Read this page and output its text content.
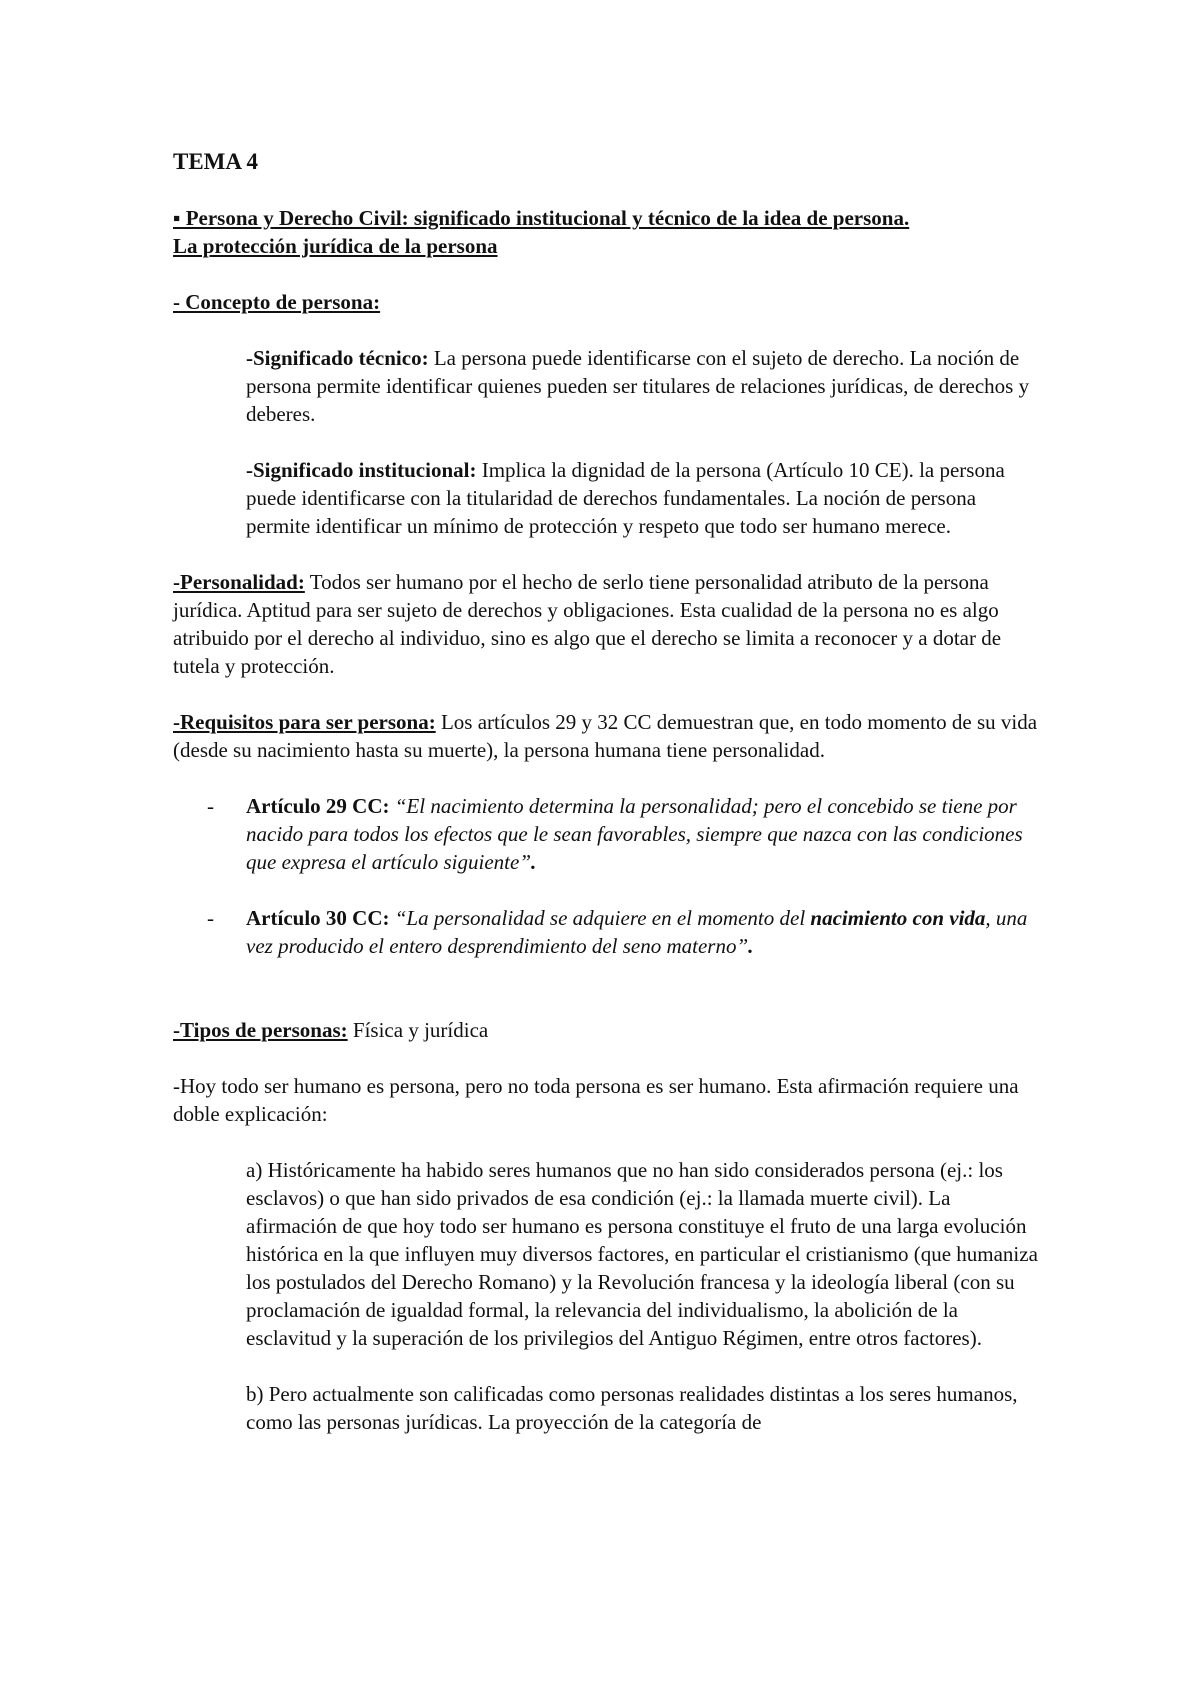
TEMA 4

▪ Persona y Derecho Civil: significado institucional y técnico de la idea de persona.
La protección jurídica de la persona

- Concepto de persona:

-Significado técnico: La persona puede identificarse con el sujeto de derecho. La noción de persona permite identificar quienes pueden ser titulares de relaciones jurídicas, de derechos y deberes.

-Significado institucional: Implica la dignidad de la persona (Artículo 10 CE). la persona puede identificarse con la titularidad de derechos fundamentales. La noción de persona permite identificar un mínimo de protección y respeto que todo ser humano merece.

-Personalidad: Todos ser humano por el hecho de serlo tiene personalidad atributo de la persona jurídica. Aptitud para ser sujeto de derechos y obligaciones. Esta cualidad de la persona no es algo atribuido por el derecho al individuo, sino es algo que el derecho se limita a reconocer y a dotar de tutela y protección.

-Requisitos para ser persona: Los artículos 29 y 32 CC demuestran que, en todo momento de su vida (desde su nacimiento hasta su muerte), la persona humana tiene personalidad.

- Artículo 29 CC: “El nacimiento determina la personalidad; pero el concebido se tiene por nacido para todos los efectos que le sean favorables, siempre que nazca con las condiciones que expresa el artículo siguiente”.
- Artículo 30 CC: “La personalidad se adquiere en el momento del nacimiento con vida, una vez producido el entero desprendimiento del seno materno”.

-Tipos de personas: Física y jurídica

-Hoy todo ser humano es persona, pero no toda persona es ser humano. Esta afirmación requiere una doble explicación:

a) Históricamente ha habido seres humanos que no han sido considerados persona (ej.: los esclavos) o que han sido privados de esa condición (ej.: la llamada muerte civil). La afirmación de que hoy todo ser humano es persona constituye el fruto de una larga evolución histórica en la que influyen muy diversos factores, en particular el cristianismo (que humaniza los postulados del Derecho Romano) y la Revolución francesa y la ideología liberal (con su proclamación de igualdad formal, la relevancia del individualismo, la abolición de la esclavitud y la superación de los privilegios del Antiguo Régimen, entre otros factores).

b) Pero actualmente son calificadas como personas realidades distintas a los seres humanos, como las personas jurídicas. La proyección de la categoría de
